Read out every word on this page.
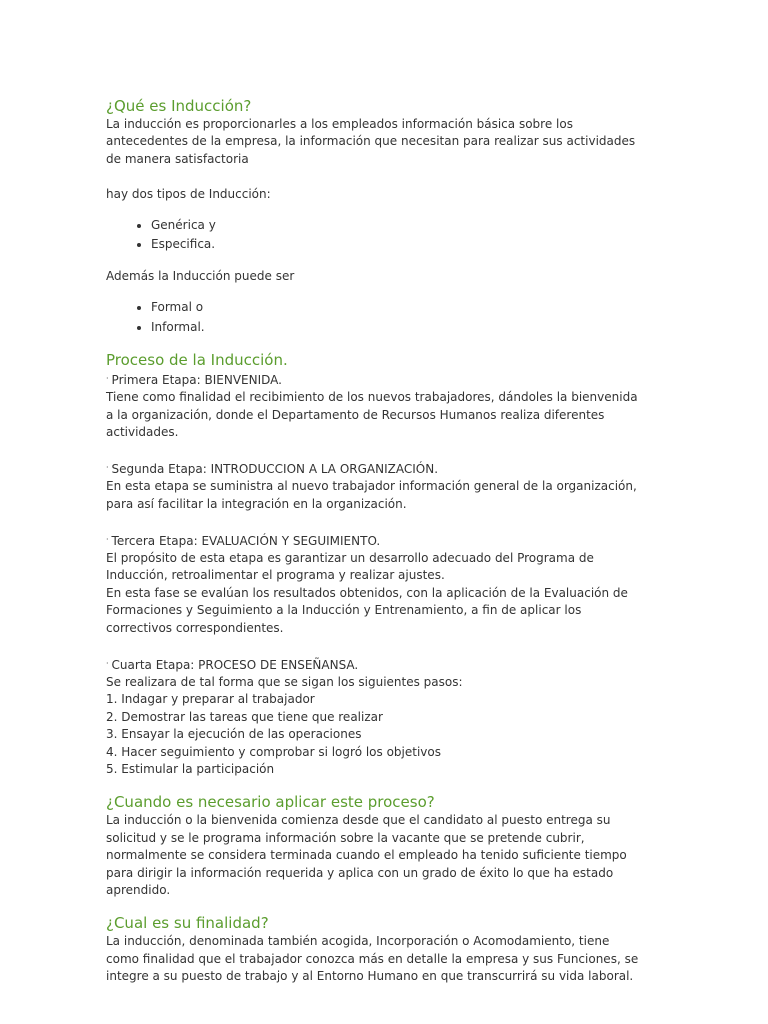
¿Qué es Inducción?

La inducción es proporcionarles a los empleados información básica sobre los antecedentes de la empresa, la información que necesitan para realizar sus actividades de manera satisfactoria

hay dos tipos de Inducción:

• Genérica y
• Especifica.

Además la Inducción puede ser

• Formal o
• Informal.
Proceso de la Inducción.

· Primera Etapa: BIENVENIDA.

Tiene como finalidad el recibimiento de los nuevos trabajadores, dándoles la bienvenida a la organización, donde el Departamento de Recursos Humanos realiza diferentes actividades.

· Segunda Etapa: INTRODUCCION A LA ORGANIZACIÓN.

En esta etapa se suministra al nuevo trabajador información general de la organización, para así facilitar la integración en la organización.

· Tercera Etapa: EVALUACIÓN Y SEGUIMIENTO.

El propósito de esta etapa es garantizar un desarrollo adecuado del Programa de Inducción, retroalimentar el programa y realizar ajustes.

En esta fase se evalúan los resultados obtenidos, con la aplicación de la Evaluación de Formaciones y Seguimiento a la Inducción y Entrenamiento, a fin de aplicar los correctivos correspondientes.

· Cuarta Etapa: PROCESO DE ENSEÑANSA.

Se realizara de tal forma que se sigan los siguientes pasos:

1. Indagar y preparar al trabajador

2. Demostrar las tareas que tiene que realizar

3. Ensayar la ejecución de las operaciones

4. Hacer seguimiento y comprobar si logró los objetivos

5. Estimular la participación

¿Cuando es necesario aplicar este proceso?

La inducción o la bienvenida comienza desde que el candidato al puesto entrega su solicitud y se le programa información sobre la vacante que se pretende cubrir, normalmente se considera terminada cuando el empleado ha tenido suficiente tiempo para dirigir la información requerida y aplica con un grado de éxito lo que ha estado aprendido.

¿Cual es su finalidad?

La inducción, denominada también acogida, Incorporación o Acomodamiento, tiene como finalidad que el trabajador conozca más en detalle la empresa y sus Funciones, se integre a su puesto de trabajo y al Entorno Humano en que transcurrirá su vida laboral.
